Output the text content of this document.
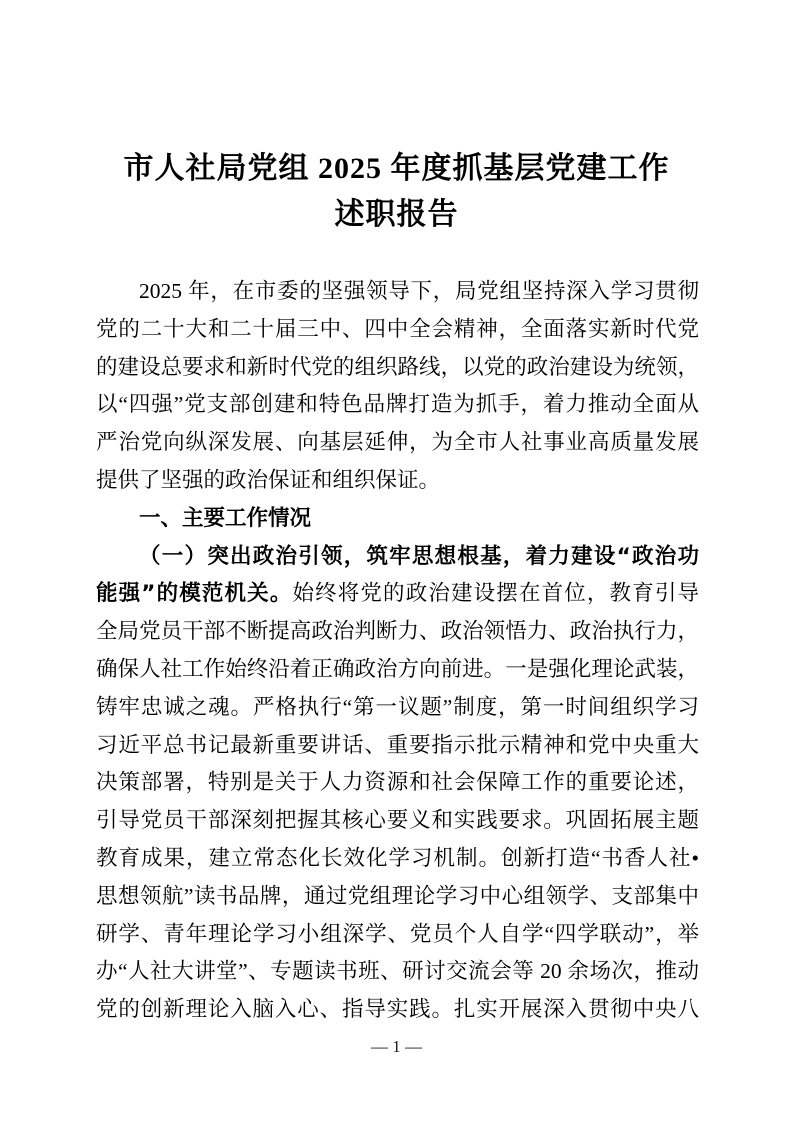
市人社局党组 2025 年度抓基层党建工作
述职报告
2025 年，在市委的坚强领导下，局党组坚持深入学习贯彻
党的二十大和二十届三中、四中全会精神，全面落实新时代党
的建设总要求和新时代党的组织路线，以党的政治建设为统领，
以“四强”党支部创建和特色品牌打造为抓手，着力推动全面从
严治党向纵深发展、向基层延伸，为全市人社事业高质量发展
提供了坚强的政治保证和组织保证。
一、主要工作情况
（一）突出政治引领，筑牢思想根基，着力建设“政治功
能强”的模范机关。始终将党的政治建设摆在首位，教育引导
全局党员干部不断提高政治判断力、政治领悟力、政治执行力，
确保人社工作始终沿着正确政治方向前进。一是强化理论武装，
铸牢忠诚之魂。严格执行“第一议题”制度，第一时间组织学习
习近平总书记最新重要讲话、重要指示批示精神和党中央重大
决策部署，特别是关于人力资源和社会保障工作的重要论述，
引导党员干部深刻把握其核心要义和实践要求。巩固拓展主题
教育成果，建立常态化长效化学习机制。创新打造“书香人社•
思想领航”读书品牌，通过党组理论学习中心组领学、支部集中
研学、青年理论学习小组深学、党员个人自学“四学联动”，举
办“人社大讲堂”、专题读书班、研讨交流会等 20 余场次，推动
党的创新理论入脑入心、指导实践。扎实开展深入贯彻中央八
— 1 —
